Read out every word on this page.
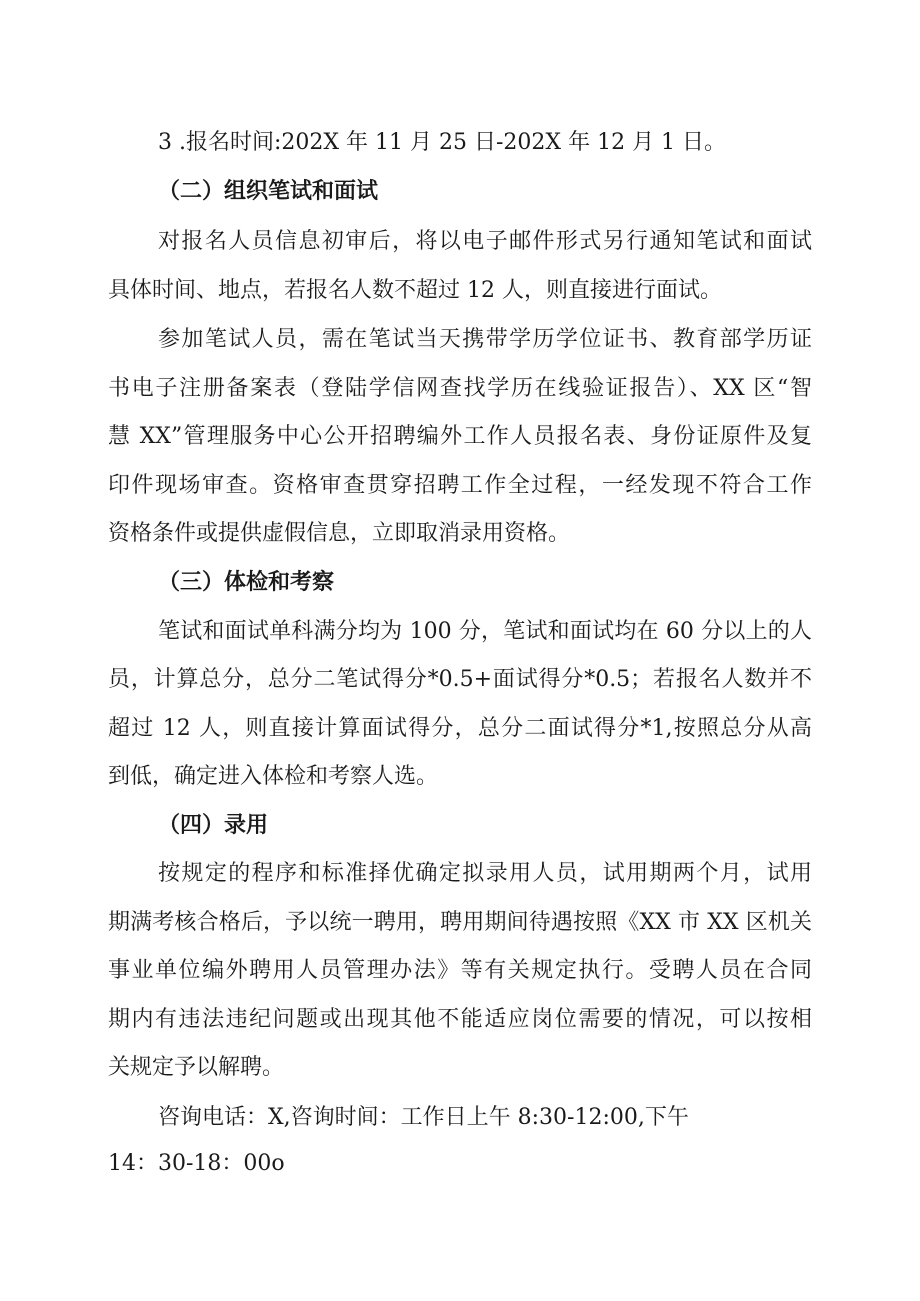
3 .报名时间:202X 年 11 月 25 日-202X 年 12 月 1 日。
（二）组织笔试和面试
对报名人员信息初审后，将以电子邮件形式另行通知笔试和面试
具体时间、地点，若报名人数不超过 12 人，则直接进行面试。
参加笔试人员，需在笔试当天携带学历学位证书、教育部学历证
书电子注册备案表（登陆学信网查找学历在线验证报告）、XX 区“智
慧 XX”管理服务中心公开招聘编外工作人员报名表、身份证原件及复
印件现场审查。资格审查贯穿招聘工作全过程，一经发现不符合工作
资格条件或提供虚假信息，立即取消录用资格。
（三）体检和考察
笔试和面试单科满分均为 100 分，笔试和面试均在 60 分以上的人
员，计算总分，总分二笔试得分*0.5+面试得分*0.5；若报名人数并不
超过 12 人，则直接计算面试得分，总分二面试得分*1,按照总分从高
到低，确定进入体检和考察人选。
（四）录用
按规定的程序和标准择优确定拟录用人员，试用期两个月，试用
期满考核合格后，予以统一聘用，聘用期间待遇按照《XX 市 XX 区机关
事业单位编外聘用人员管理办法》等有关规定执行。受聘人员在合同
期内有违法违纪问题或出现其他不能适应岗位需要的情况，可以按相
关规定予以解聘。
咨询电话：X,咨询时间：工作日上午 8:30-12:00,下午
14：30-18：00o
